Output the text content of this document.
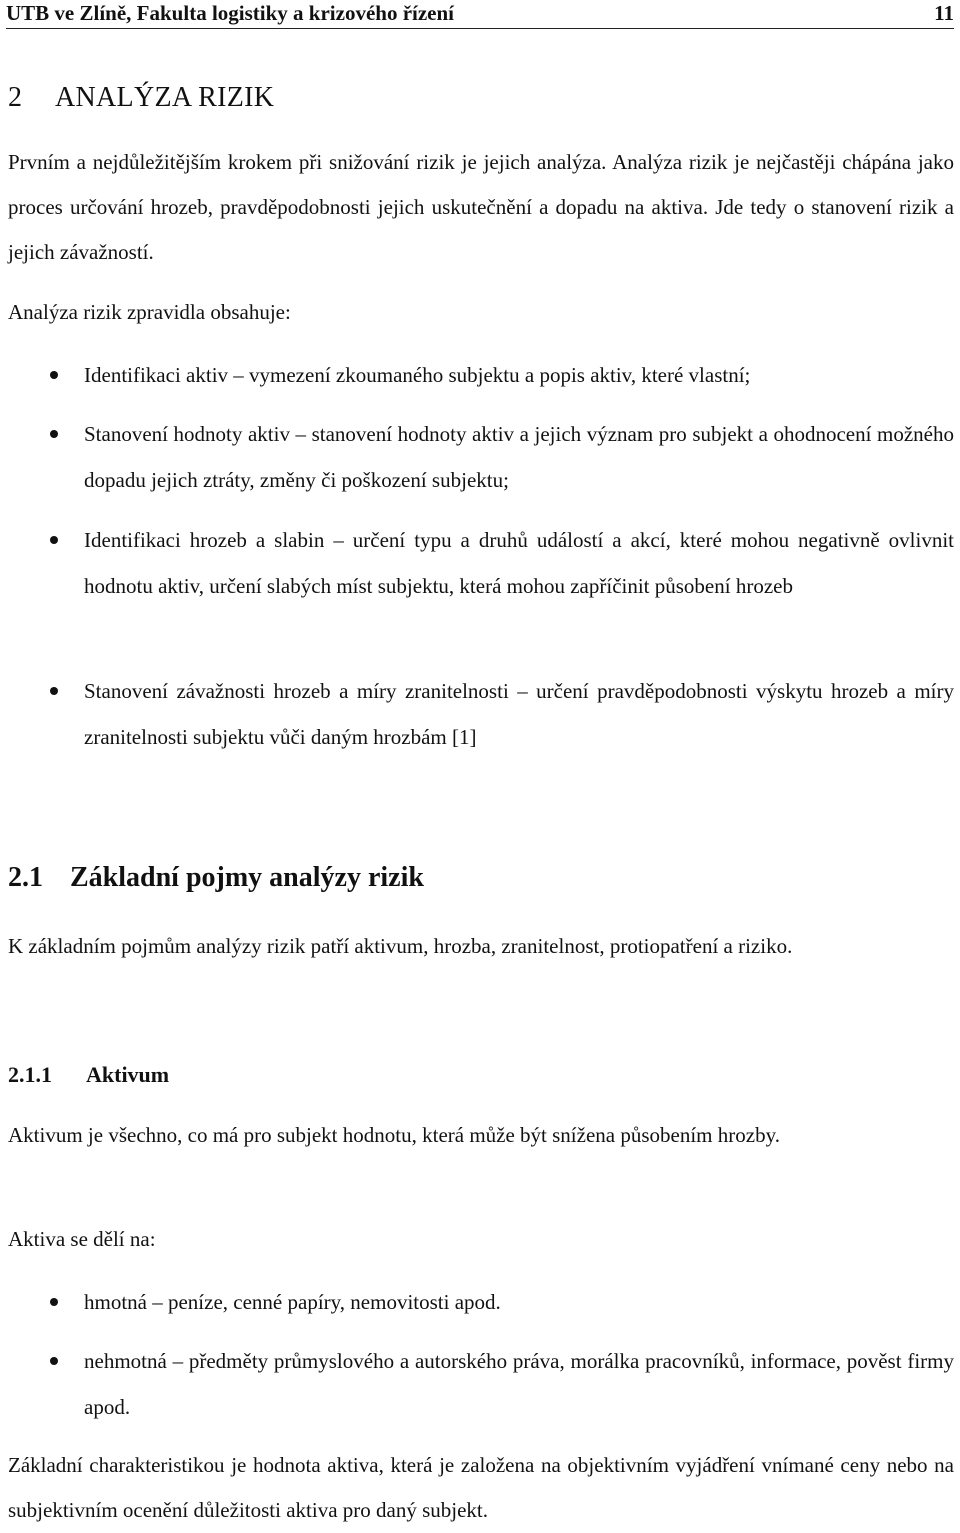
UTB ve Zlíně, Fakulta logistiky a krizového řízení	11
2 ANALÝZA RIZIK

Prvním a nejdůležitějším krokem při snižování rizik je jejich analýza. Analýza rizik je nejčastěji chápána jako proces určování hrozeb, pravděpodobnosti jejich uskutečnění a dopadu na aktiva. Jde tedy o stanovení rizik a jejich závažností.

Analýza rizik zpravidla obsahuje:

Identifikaci aktiv – vymezení zkoumaného subjektu a popis aktiv, které vlastní;
Stanovení hodnoty aktiv – stanovení hodnoty aktiv a jejich význam pro subjekt a ohodnocení možného dopadu jejich ztráty, změny či poškození subjektu;
Identifikaci hrozeb a slabin – určení typu a druhů událostí a akcí, které mohou negativně ovlivnit hodnotu aktiv, určení slabých míst subjektu, která mohou zapříčinit působení hrozeb
Stanovení závažnosti hrozeb a míry zranitelnosti – určení pravděpodobnosti výskytu hrozeb a míry zranitelnosti subjektu vůči daným hrozbám [1]
2.1 Základní pojmy analýzy rizik

K základním pojmům analýzy rizik patří aktivum, hrozba, zranitelnost, protiopatření a riziko.

2.1.1 Aktivum

Aktivum je všechno, co má pro subjekt hodnotu, která může být snížena působením hrozby.

Aktiva se dělí na:

hmotná – peníze, cenné papíry, nemovitosti apod.
nehmotná – předměty průmyslového a autorského práva, morálka pracovníků, informace, pověst firmy apod.

Základní charakteristikou je hodnota aktiva, která je založena na objektivním vyjádření vnímané ceny nebo na subjektivním ocenění důležitosti aktiva pro daný subjekt.
